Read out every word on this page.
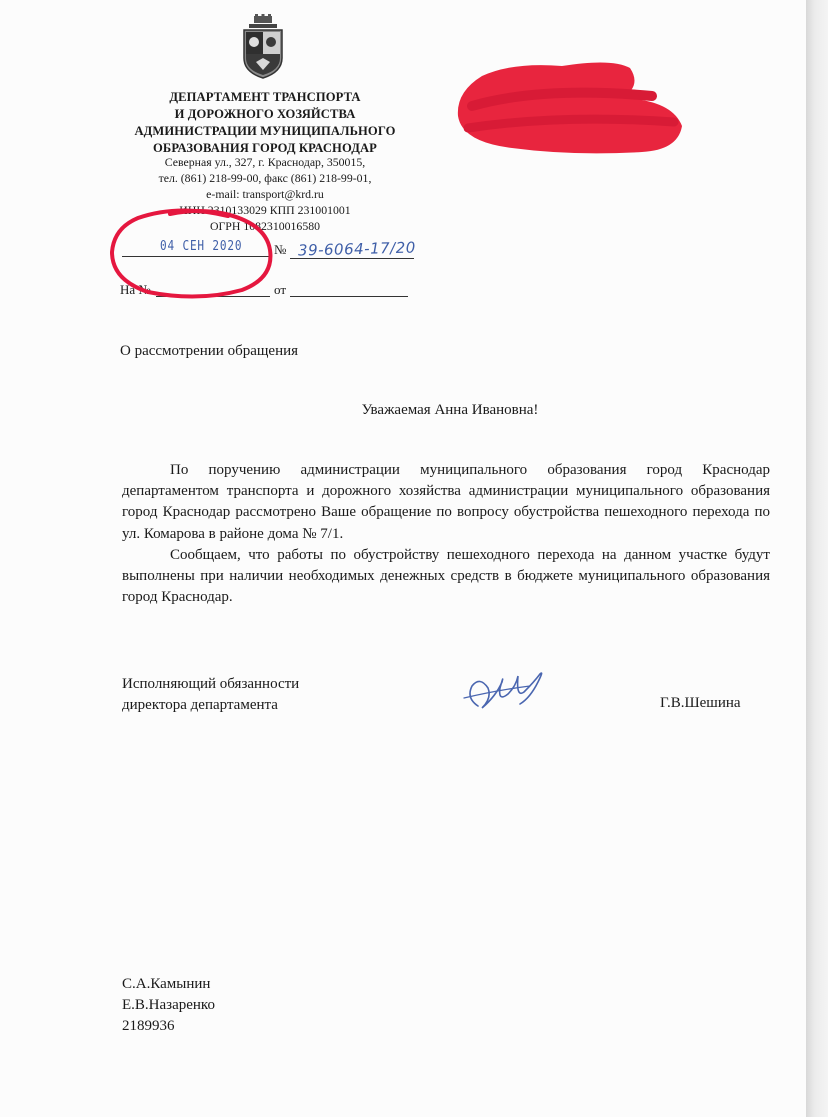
ДЕПАРТАМЕНТ ТРАНСПОРТА
И ДОРОЖНОГО ХОЗЯЙСТВА
АДМИНИСТРАЦИИ МУНИЦИПАЛЬНОГО
ОБРАЗОВАНИЯ ГОРОД КРАСНОДАР
Северная ул., 327, г. Краснодар, 350015,
тел. (861) 218-99-00, факс (861) 218-99-01,
e-mail: transport@krd.ru
ИНН 2310133029 КПП 231001001
ОГРН 1082310016580
04 СЕН 2020 № 39-6064-17/20
На №	от
О рассмотрении обращения
Уважаемая Анна Ивановна!

По поручению администрации муниципального образования город Краснодар департаментом транспорта и дорожного хозяйства администрации муниципального образования город Краснодар рассмотрено Ваше обращение по вопросу обустройства пешеходного перехода по ул. Комарова в районе дома № 7/1.

Сообщаем, что работы по обустройству пешеходного перехода на данном участке будут выполнены при наличии необходимых денежных средств в бюджете муниципального образования город Краснодар.

Исполняющий обязанности
директора департамента	Г.В.Шешина
С.А.Камынин
Е.В.Назаренко
2189936
